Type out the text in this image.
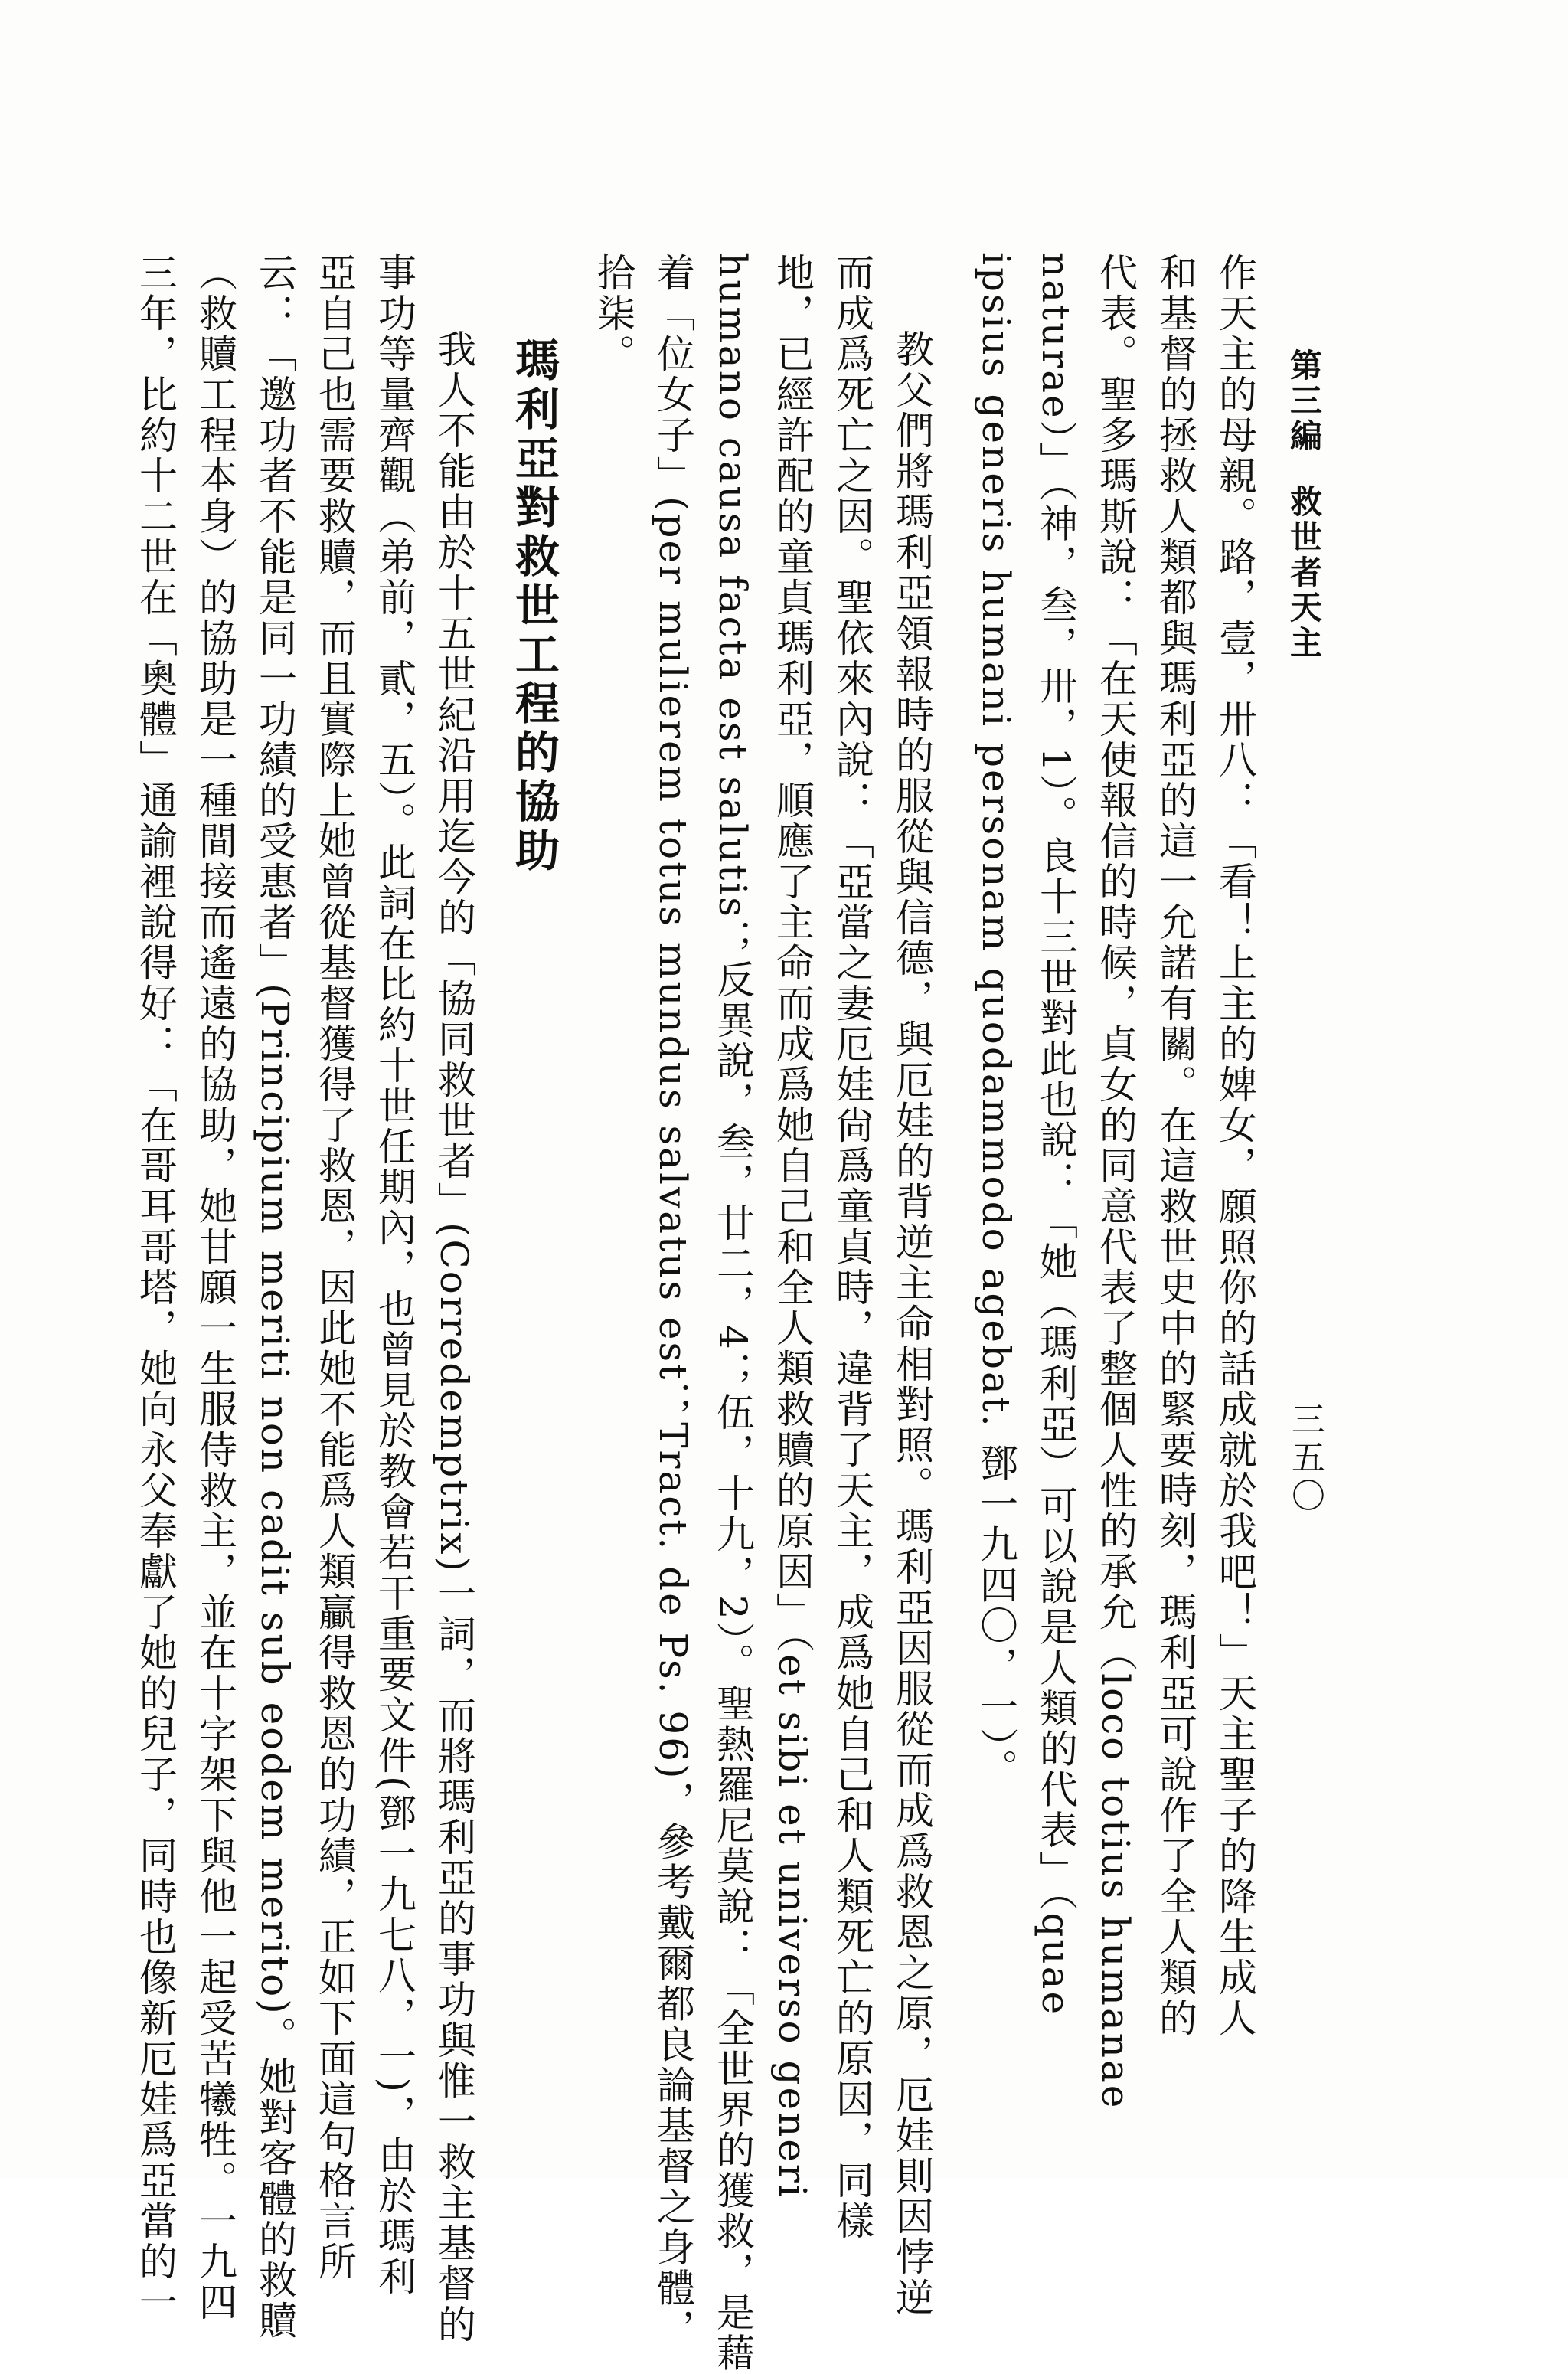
第三編救世者天主
三五〇
作天主的母親。路，壹，卅八：「看！上主的婢女，願照你的話成就於我吧！」天主聖子的降生成人
和基督的拯救人類都與瑪利亞的這一允諾有關。在這救世史中的緊要時刻，瑪利亞可說作了全人類的
代表。聖多瑪斯說：「在天使報信的時候，貞女的同意代表了整個人性的承允（loco totius humanae
naturae）」（神，叁，卅，1）。良十三世對此也說：「她（瑪利亞）可以說是人類的代表」（quae
ipsius generis humani personam quodammodo agebat. 鄧一九四〇，一）。
教父們將瑪利亞領報時的服從與信德，與厄娃的背逆主命相對照。瑪利亞因服從而成爲救恩之原，厄娃則因悖逆
而成爲死亡之因。聖依來內說：「亞當之妻厄娃尙爲童貞時，違背了天主，成爲她自己和人類死亡的原因，同樣
地，已經許配的童貞瑪利亞，順應了主命而成爲她自己和全人類救贖的原因」（et sibi et universo generi
humano causa facta est salutis；反異說，叁，廿二，4；伍，十九，2）。聖熱羅尼莫說：「全世界的獲救，是藉
着「位女子」(per mulierem totus mundus salvatus est；Tract. de Ps. 96)，參考戴爾都良論基督之身體，
拾柒。
瑪利亞對救世工程的協助
我人不能由於十五世紀沿用迄今的「協同救世者」(Corredemptrix)一詞，而將瑪利亞的事功與惟一救主基督的
事功等量齊觀（弟前，貳，五）。此詞在比約十世任期內，也曾見於教會若干重要文件(鄧一九七八，一)，由於瑪利
亞自己也需要救贖，而且實際上她曾從基督獲得了救恩，因此她不能爲人類贏得救恩的功績，正如下面這句格言所
云：「邀功者不能是同一功績的受惠者」(Principium meriti non cadit sub eodem merito)。她對客體的救贖
（救贖工程本身）的協助是一種間接而遙遠的協助，她甘願一生服侍救主，並在十字架下與他一起受苦犧牲。一九四
三年，比約十二世在「奧體」通諭裡說得好：「在哥耳哥塔，她向永父奉獻了她的兒子，同時也像新厄娃爲亞當的一
